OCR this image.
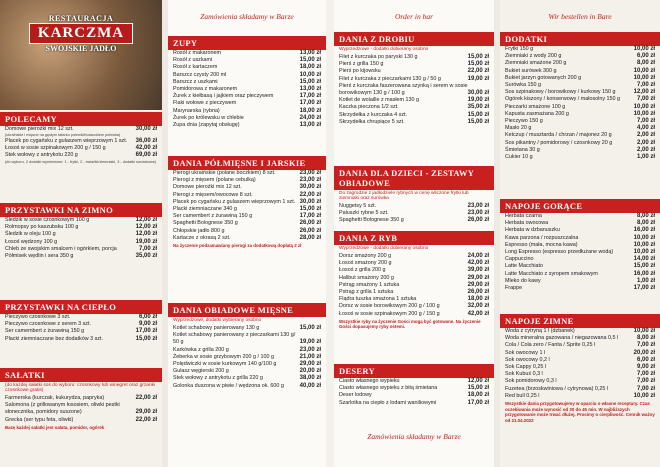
RESTAURACJA
KARCZMA
SWOJSKIE JADŁO
POLECAMY
Domowe pierożki mix 12 szt.	30,00 zł
(ukraińskie i mięsne na gęstym tatarku polewki/buraczkiem polewka)
Placek po cygańsku z gulaszem wieprzowym 1 szt. 36,00 zł
Łosoś w sosie szpinakowym 200 g / 150 g	42,00 zł
Stek wołowy z antrykotu 220 g	69,00 zł
(do wyboru, 2 dodatki wymienione: 1 - frytki, 2 - ćwiartki/ziemniaki, 3 - dodatki surówkowe)
PRZYSTAWKI NA ZIMNO
Śledzik w sosie czosnkowym 100 g	12,00 zł
Rolmopsy po kaszubsku 100 g	12,00 zł
Śledzik w oleju 100 g	12,00 zł
Łosoś wędzony 100 g	19,00 zł
Chleb ze swojskim smalcem i ogórkiem, porcja	7,00 zł
Półmisek wędlin i sera 350 g	35,00 zł
PRZYSTAWKI NA CIEPŁO
Pieczywo czosnkowe 3 szt.	6,00 zł
Pieczywo czosnkowe z serem 3 szt.	9,00 zł
Ser camembert z żurawiną 150 g	17,00 zł
Placki ziemniaczane bez dodatków 3 szt.	15,00 zł
SAŁATKI
(do każdej sałatki sos do wyboru: czosnkowy lub winegret oraz grzanki czosnkowe gratis)
Farmerska (kurczak, kukurydza, papryka)	22,00 zł
Salomona (z grillowanym łososiem, oliwki pestki słonecznika, pomidory suszone)	29,00 zł
Grecka (ser typu feta, oliwki)	22,00 zł
Bazę każdej sałatki jest sałata, pomidor, ogórek
Zamówienia składamy w Barze
ZUPY
Rosół z makaronem	13,00 zł
Rosół z uszkami	15,00 zł
Rosół z kartaczem	18,00 zł
Barszcz czysty 200 ml	10,00 zł
Barszcz z uszkami	15,00 zł
Pomidorowa z makaronem	13,00 zł
Żurek z kiełbasą i jajkiem oraz pieczywem	17,00 zł
Flaki wołowe z pieczywem	17,00 zł
Marynarska (rybna)	18,00 zł
Żurek po królewsku w chlebie	24,00 zł
Zupa dnia (zapytaj obsługę)	13,00 zł
DANIA PÓŁMIĘSNE I JARSKIE
Pierogi ukraińskie (polane boczkiem) 8 szt.	23,00 zł
Pierogi z mięsem (polane cebulką)	23,00 zł
Domowe pierożki mix 12 szt.	30,00 zł
Pierogi z mięsem/owocowe 8 szt.	22,00 zł
Placek po cygańsku z gulaszem wieprzowym 1 szt. 30,00 zł
Placki ziemniaczane 340 g	15,00 zł
Ser camembert z żurawiną 150 g	17,00 zł
Spaghetti Bolognese 350 g	26,00 zł
Chłopskie jadło 800 g	26,00 zł
Kartacze z okrasą 2 szt.	28,00 zł
Na życzenie podzamawiany pierogi za dodatkową dopłatą 2 zł
DANIA OBIADOWE MIĘSNE
Wyprzedzowe, dodatki wybierany osobno
Kotlet schabowy panierowany 130 g	15,00 zł
Kotlet schabowy panierowany z pieczarkami 130 g/ 50 g	19,00 zł
Karkówka z grilla 200 g	23,00 zł
Żeberka w sosie grzybowym 200 g / 100 g	21,00 zł
Polędwiczki w sosie kurkowym 140 g/100 g	29,00 zł
Gulasz węgierski 200 g	20,00 zł
Stek wołowy z antrykotu z grilla 220 g	38,00 zł
Golonka duszona w piwie / wędzona ok. 600 g	40,00 zł
Order in bar
DANIA Z DROBIU
Wyprzedzowe - dodatki dobierany osobno
Filet z kurczaka po paryski 130 g	15,00 zł
Pierś z grilla 150 g	15,00 zł
Pierś po kijowsku	22,00 zł
Filet z kurczaka z pieczarkami 130 g / 50 g	19,00 zł
Pierś z kurczaka faszerowana szynką i serem w sosie borowikowym 130 g / 100 g	30,00 zł
Kotlet de wolaille z masłem 130 g	19,00 zł
Kaczka pieczona 1/2 szt.	35,00 zł
Skrzydełka z kurczaka 4 szt.	15,00 zł
Skrzydełka chrupiące 5 szt.	15,00 zł
DANIA DLA DZIECI - ZESTAWY OBIADOWE
Do zagrodzie z jadłodziele rybnych w cenę wliczone frytki lub ziemniaki oraz surówka
Nuggetsy 5 szt.	23,00 zł
Paluszki rybne 5 szt.	23,00 zł
Spaghetti Bolognese 350 g	26,00 zł
DANIA Z RYB
Wyprzedzowe - dodatki dobierany osobno
Dorsz smażony 200 g	24,00 zł
Łosoś smażony 200 g	42,00 zł
Łosoś z grilla 200 g	39,00 zł
Halibut smażony 200 g	29,00 zł
Pstrąg smażony 1 sztuka	29,00 zł
Pstrąg z grilla 1 sztuka	26,00 zł
Flądra tuszka smażona 1 sztuka	18,00 zł
Dorsz w sosie borowikowym 200 g / 100 g	32,00 zł
Łosoś w sosie szpinakowym 200 g / 150 g	42,00 zł
Wszystkie ryby na życzenie Gości mogą być gotowane. Na życzenie Gości dopasujemy ryby ośtemi.
DESERY
Ciasto własnego wypieku	12,00 zł
Ciasto własnego wypieku z bitą śmietana	15,00 zł
Deser lodowy	18,00 zł
Szarlotka na ciepło z lodami waniliowymi	17,00 zł
Zamówienia składamy w Barze
Wir bestellen in Bare
DODATKI
Frytki 150 g	10,00 zł
Ziemniaki z wody 200 g	6,00 zł
Ziemniaki smażone 200 g	8,00 zł
Bukiet surówek 300 g	10,00 zł
Bukiet jarzyn gotowanych 200 g	10,00 zł
Surówka 150 g	7,00 zł
Sos szpinakowy / borowikowy / kurkowy 150 g	12,00 zł
Ogórek kiszony / konserwowy / małosolny 150 g	7,00 zł
Pieczarki smażone 100 g	10,00 zł
Kapusta zasmażana 200 g	10,00 zł
Pieczywo 150 g	7,00 zł
Masło 20 g	4,00 zł
Ketczup / musztarda / chrzan / majonez 20 g	2,00 zł
Sos pikantny / pomidorowy / czosnkowy 20 g	2,00 zł
Śmietana 30 g	2,00 zł
Cukier 10 g	1,00 zł
NAPOJE GORĄCE
Herbata czarna	8,00 zł
Herbata owocowa	8,00 zł
Herbata w dzbanuszku	16,00 zł
Kawa parzona / rozpuszczalna	10,00 zł
Espresso (mała, mocna kawa)	10,00 zł
Long Espresso (espresso przedłużane wodą)	10,00 zł
Cappuccino	14,00 zł
Latte Macchiato	15,00 zł
Latte Macchiato z syropem smakowym	16,00 zł
Mleko do kawy	1,00 zł
Frappe	17,00 zł
NAPOJE ZIMNE
Woda z cytryną 1 l (dzbanek)	10,00 zł
Woda mineralna gazowana / niegazowana 0,5 l	8,00 zł
Cola / Cola zero / Fanta / Sprite 0,25 l	7,00 zł
Sok owocowy 1 l	20,00 zł
Sok owocowy 0,2 l	6,00 zł
Sok Cappy 0,25 l	9,00 zł
Sok Kubuś 0,3 l	7,00 zł
Sok pomidorowy 0,3 l	7,00 zł
Fuzetea (brzoskwiniowa / cytrynowa) 0,25 l	7,00 zł
Red bull 0,25 l	10,00 zł
Wszystkie dania przygotowujemy w oparciu o własne receptury. Czas oczekiwania może wynosić od 30 do 45 min. W najbliższych przygotowanie może trwać dłużej. Prosimy o cierpliwość. Cennik ważny od 21.04.2022
